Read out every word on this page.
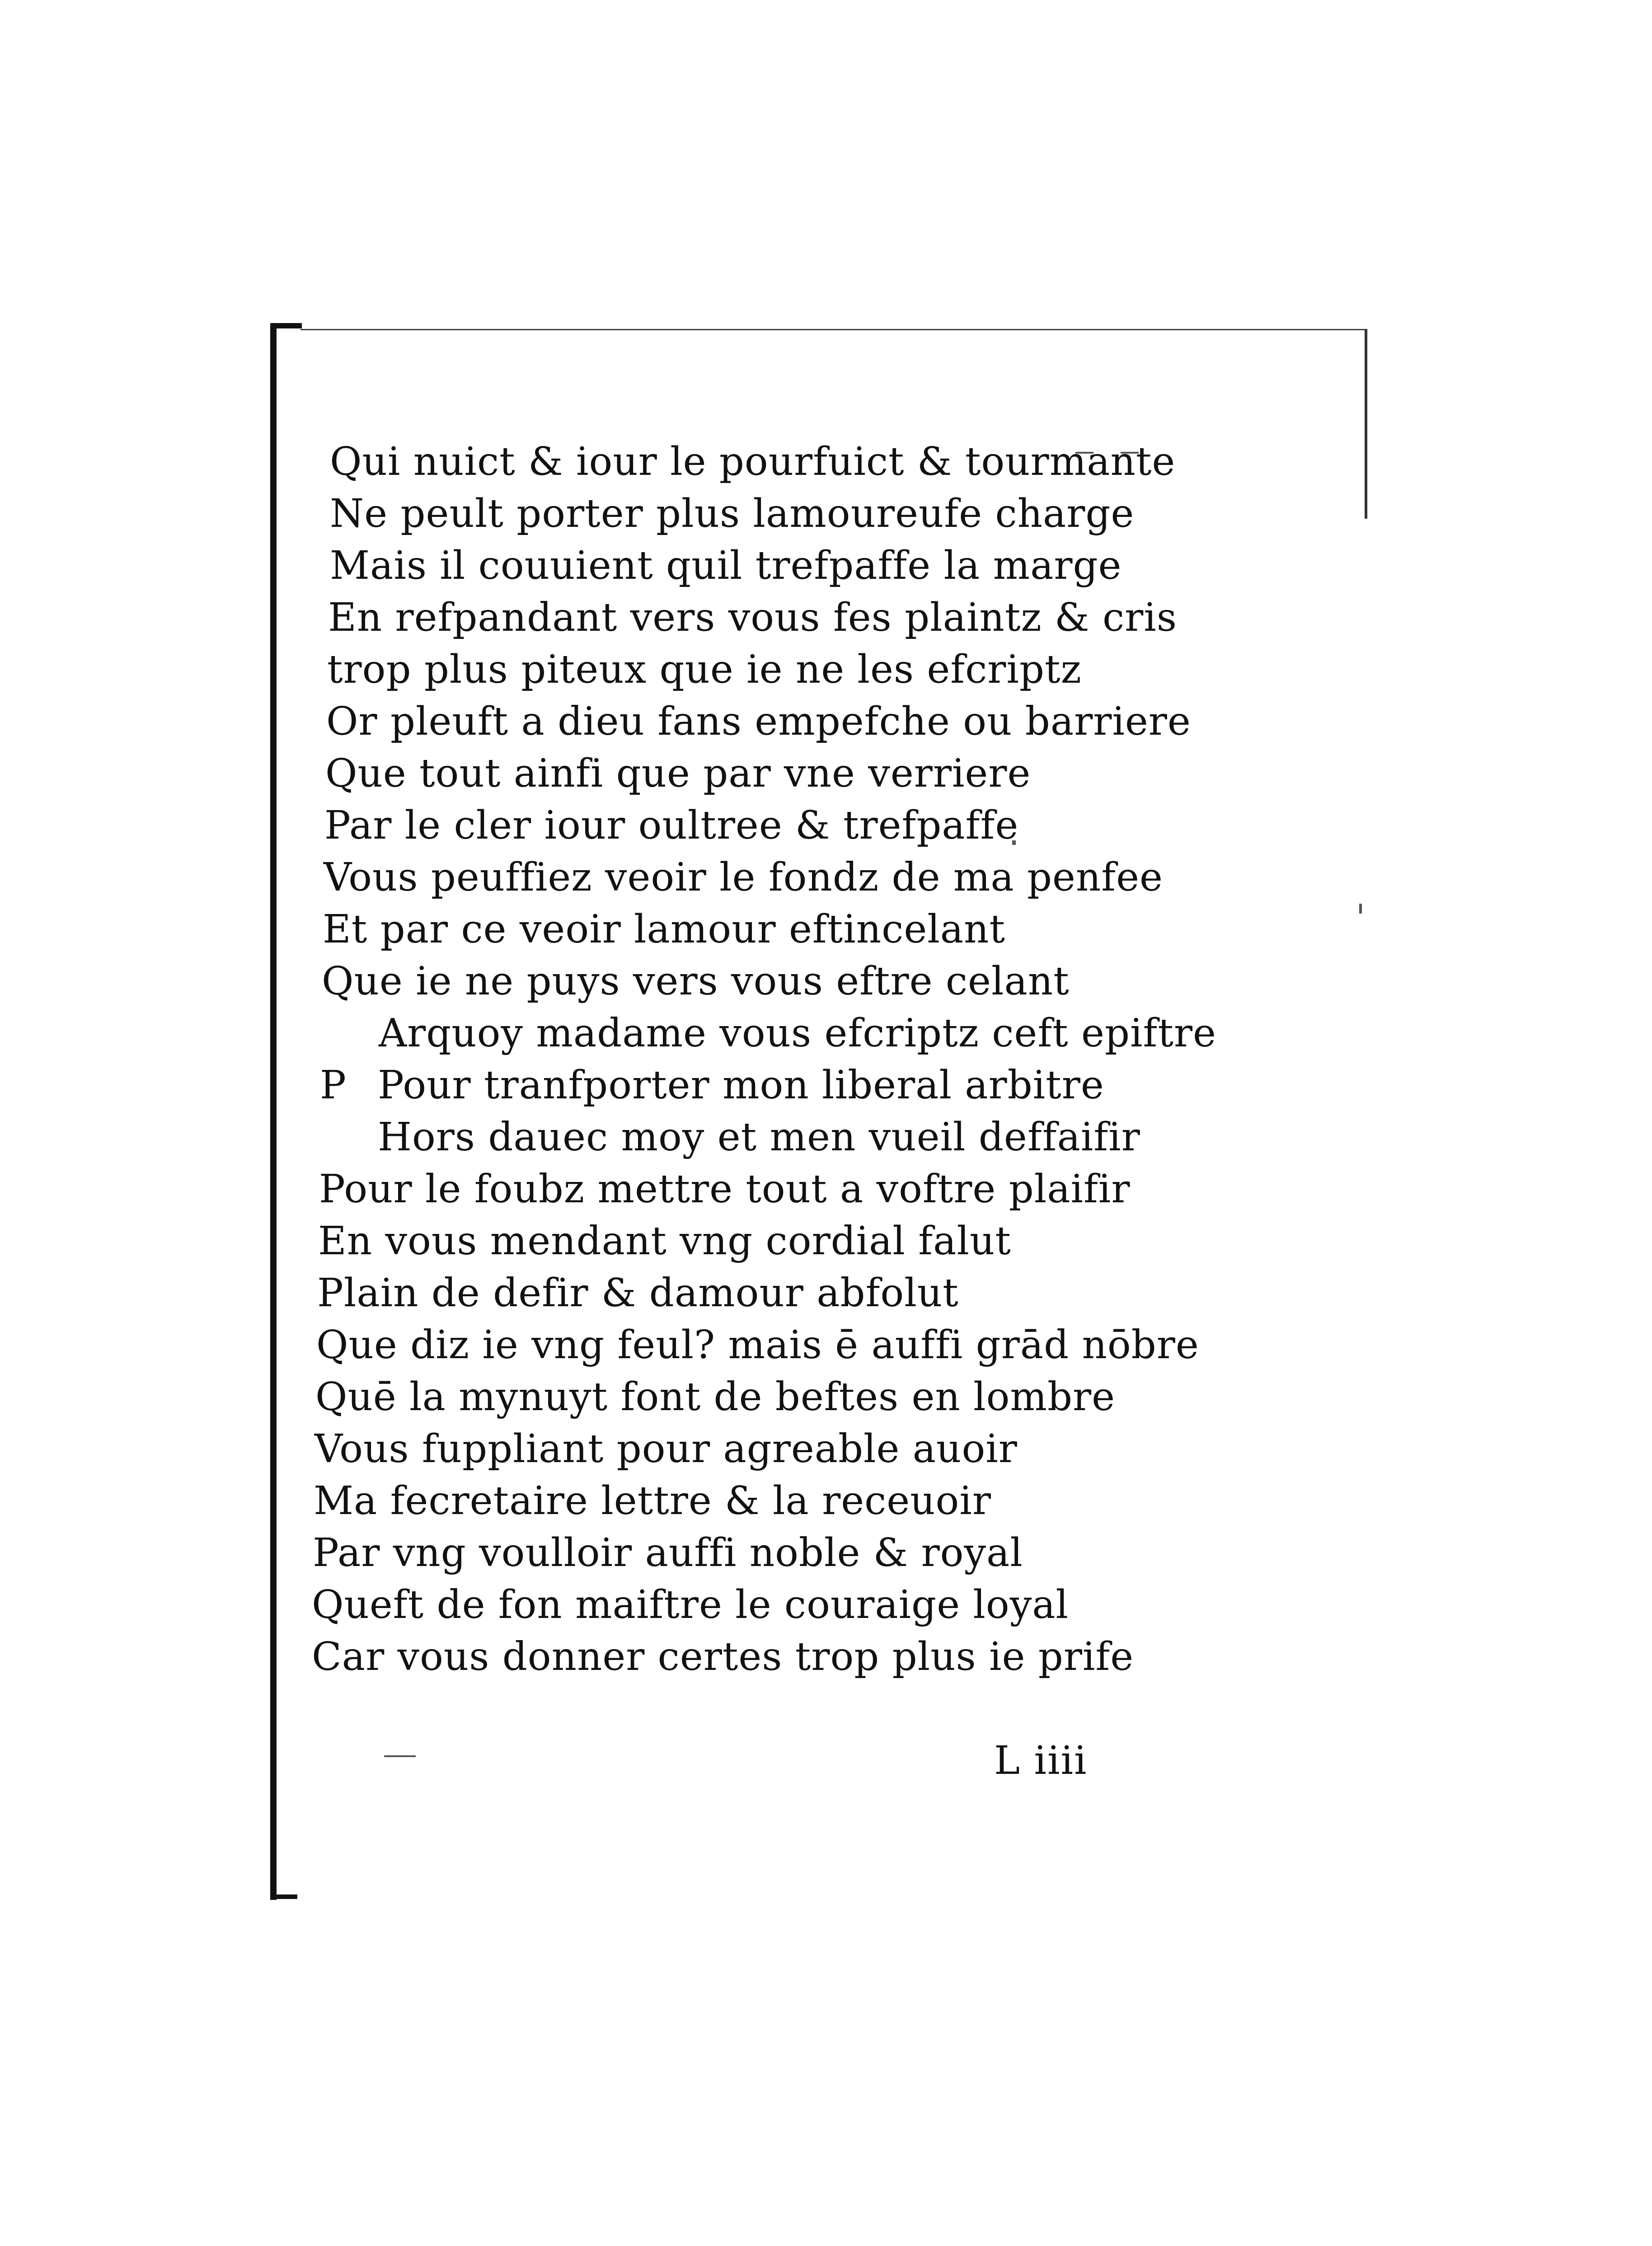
Qui nuict & iour le pourfuict & tourmante
Ne peult porter plus lamoureufe charge
Mais il couuient quil trefpaffe la marge
En refpandant vers vous fes plaintz & cris
trop plus piteux que ie ne les efcriptz
Or pleuft a dieu fans empefche ou barriere
Que tout ainfi que par vne verriere
Par le cler iour oultree & trefpaffe
Vous peuffiez veoir le fondz de ma penfee
Et par ce veoir lamour eftincelant
Que ie ne puys vers vous eftre celant
Arquoy madame vous efcriptz ceft epiftre
P Pour tranfporter mon liberal arbitre
Hors dauec moy et men vueil deffaifir
Pour le foubz mettre tout a voftre plaifir
En vous mendant vng cordial falut
Plain de defir & damour abfolut
Que diz ie vng feul? mais ē auffi grād nōbre
Quē la mynuyt font de beftes en lombre
Vous fuppliant pour agreable auoir
Ma fecretaire lettre & la receuoir
Par vng voulloir auffi noble & royal
Queft de fon maiftre le couraige loyal
Car vous donner certes trop plus ie prife
L iiii
